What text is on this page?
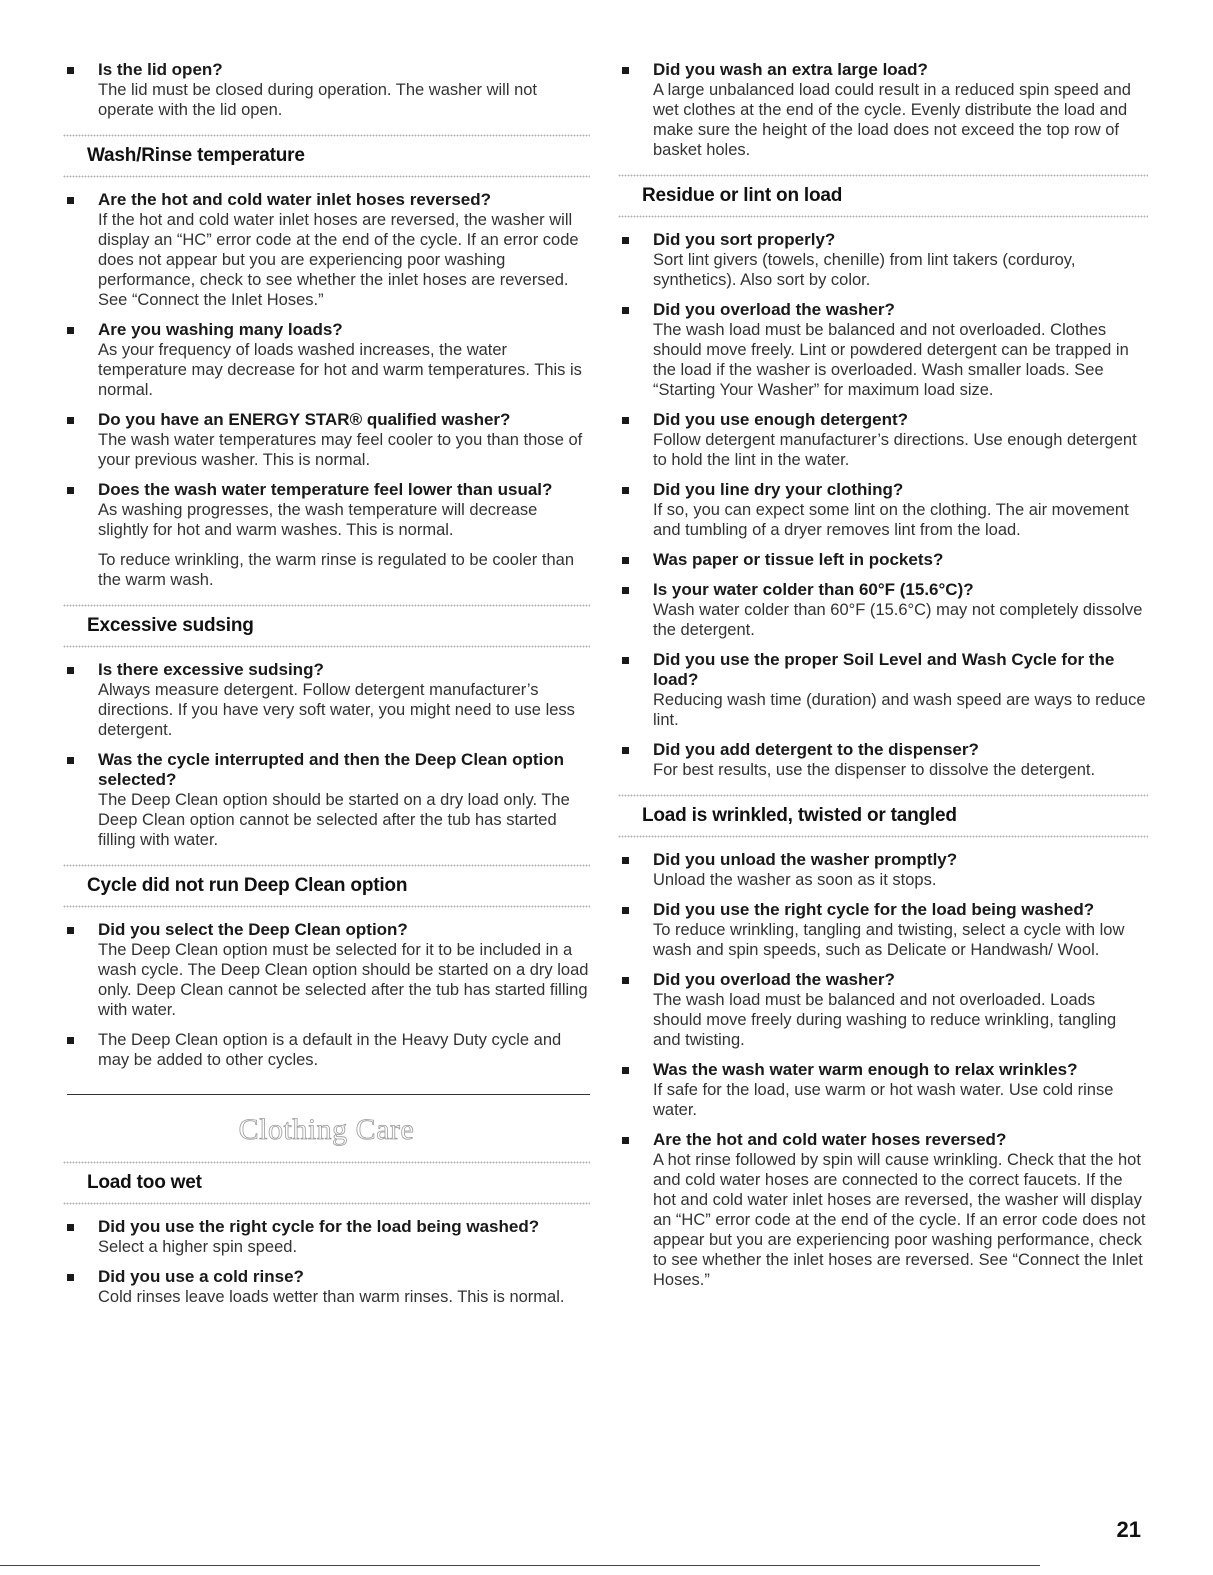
Is the lid open?
The lid must be closed during operation. The washer will not operate with the lid open.
Wash/Rinse temperature
Are the hot and cold water inlet hoses reversed?
If the hot and cold water inlet hoses are reversed, the washer will display an “HC” error code at the end of the cycle. If an error code does not appear but you are experiencing poor washing performance, check to see whether the inlet hoses are reversed. See “Connect the Inlet Hoses.”
Are you washing many loads?
As your frequency of loads washed increases, the water temperature may decrease for hot and warm temperatures. This is normal.
Do you have an ENERGY STAR® qualified washer?
The wash water temperatures may feel cooler to you than those of your previous washer. This is normal.
Does the wash water temperature feel lower than usual?
As washing progresses, the wash temperature will decrease slightly for hot and warm washes. This is normal.
To reduce wrinkling, the warm rinse is regulated to be cooler than the warm wash.
Excessive sudsing
Is there excessive sudsing?
Always measure detergent. Follow detergent manufacturer’s directions. If you have very soft water, you might need to use less detergent.
Was the cycle interrupted and then the Deep Clean option selected?
The Deep Clean option should be started on a dry load only. The Deep Clean option cannot be selected after the tub has started filling with water.
Cycle did not run Deep Clean option
Did you select the Deep Clean option?
The Deep Clean option must be selected for it to be included in a wash cycle. The Deep Clean option should be started on a dry load only. Deep Clean cannot be selected after the tub has started filling with water.
The Deep Clean option is a default in the Heavy Duty cycle and may be added to other cycles.
Clothing Care
Load too wet
Did you use the right cycle for the load being washed?
Select a higher spin speed.
Did you use a cold rinse?
Cold rinses leave loads wetter than warm rinses. This is normal.
Did you wash an extra large load?
A large unbalanced load could result in a reduced spin speed and wet clothes at the end of the cycle. Evenly distribute the load and make sure the height of the load does not exceed the top row of basket holes.
Residue or lint on load
Did you sort properly?
Sort lint givers (towels, chenille) from lint takers (corduroy, synthetics). Also sort by color.
Did you overload the washer?
The wash load must be balanced and not overloaded. Clothes should move freely. Lint or powdered detergent can be trapped in the load if the washer is overloaded. Wash smaller loads. See “Starting Your Washer” for maximum load size.
Did you use enough detergent?
Follow detergent manufacturer’s directions. Use enough detergent to hold the lint in the water.
Did you line dry your clothing?
If so, you can expect some lint on the clothing. The air movement and tumbling of a dryer removes lint from the load.
Was paper or tissue left in pockets?
Is your water colder than 60°F (15.6°C)?
Wash water colder than 60°F (15.6°C) may not completely dissolve the detergent.
Did you use the proper Soil Level and Wash Cycle for the load?
Reducing wash time (duration) and wash speed are ways to reduce lint.
Did you add detergent to the dispenser?
For best results, use the dispenser to dissolve the detergent.
Load is wrinkled, twisted or tangled
Did you unload the washer promptly?
Unload the washer as soon as it stops.
Did you use the right cycle for the load being washed?
To reduce wrinkling, tangling and twisting, select a cycle with low wash and spin speeds, such as Delicate or Handwash/ Wool.
Did you overload the washer?
The wash load must be balanced and not overloaded. Loads should move freely during washing to reduce wrinkling, tangling and twisting.
Was the wash water warm enough to relax wrinkles?
If safe for the load, use warm or hot wash water. Use cold rinse water.
Are the hot and cold water hoses reversed?
A hot rinse followed by spin will cause wrinkling. Check that the hot and cold water hoses are connected to the correct faucets. If the hot and cold water inlet hoses are reversed, the washer will display an “HC” error code at the end of the cycle. If an error code does not appear but you are experiencing poor washing performance, check to see whether the inlet hoses are reversed. See “Connect the Inlet Hoses.”
21
